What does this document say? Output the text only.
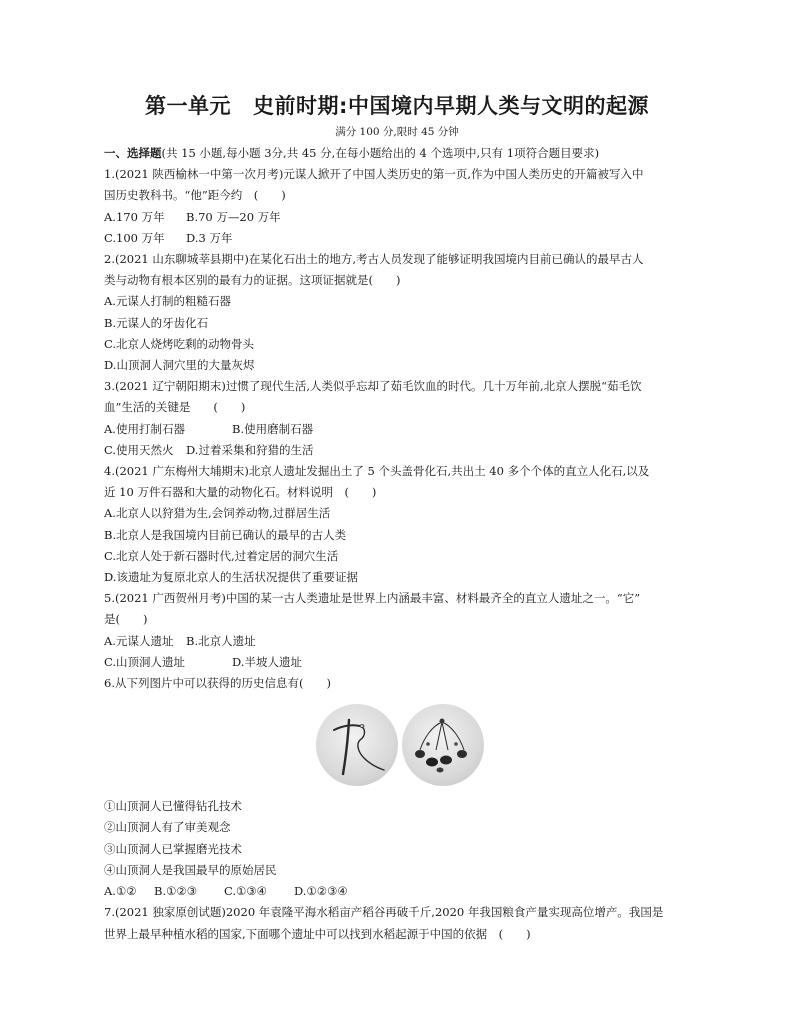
第一单元 史前时期:中国境内早期人类与文明的起源
满分 100 分,限时 45 分钟
一、选择题(共 15 小题,每小题 3分,共 45 分,在每小题给出的 4 个选项中,只有 1项符合题目要求)
1.(2021 陕西榆林一中第一次月考)元谋人掀开了中国人类历史的第一页,作为中国人类历史的开篇被写入中
国历史教科书。“他”距今约　(　　)
A.170 万年 B.70 万—20 万年
C.100 万年 D.3 万年
2.(2021 山东聊城莘县期中)在某化石出土的地方,考古人员发现了能够证明我国境内目前已确认的最早古人
类与动物有根本区别的最有力的证据。这项证据就是(　　)
A.元谋人打制的粗糙石器
B.元谋人的牙齿化石
C.北京人烧烤吃剩的动物骨头
D.山顶洞人洞穴里的大量灰烬
3.(2021 辽宁朝阳期末)过惯了现代生活,人类似乎忘却了茹毛饮血的时代。几十万年前,北京人摆脱“茹毛饮
血”生活的关键是　　(　　)
A.使用打制石器	B.使用磨制石器
C.使用天然火 D.过着采集和狩猎的生活
4.(2021 广东梅州大埔期末)北京人遗址发掘出土了 5 个头盖骨化石,共出土 40 多个个体的直立人化石,以及
近 10 万件石器和大量的动物化石。材料说明　(　　)
A.北京人以狩猎为生,会饲养动物,过群居生活
B.北京人是我国境内目前已确认的最早的古人类
C.北京人处于新石器时代,过着定居的洞穴生活
D.该遗址为复原北京人的生活状况提供了重要证据
5.(2021 广西贺州月考)中国的某一古人类遗址是世界上内涵最丰富、材料最齐全的直立人遗址之一。“它”
是(　　)
A.元谋人遗址 B.北京人遗址
C.山顶洞人遗址	D.半坡人遗址
6.从下列图片中可以获得的历史信息有(　　)
①山顶洞人已懂得钻孔技术
②山顶洞人有了审美观念
③山顶洞人已掌握磨光技术
④山顶洞人是我国最早的原始居民
A.①② B.①②③ C.①③④ D.①②③④
7.(2021 独家原创试题)2020 年袁隆平海水稻亩产稻谷再破千斤,2020 年我国粮食产量实现高位增产。我国是
世界上最早种植水稻的国家,下面哪个遗址中可以找到水稻起源于中国的依据　(　　)
